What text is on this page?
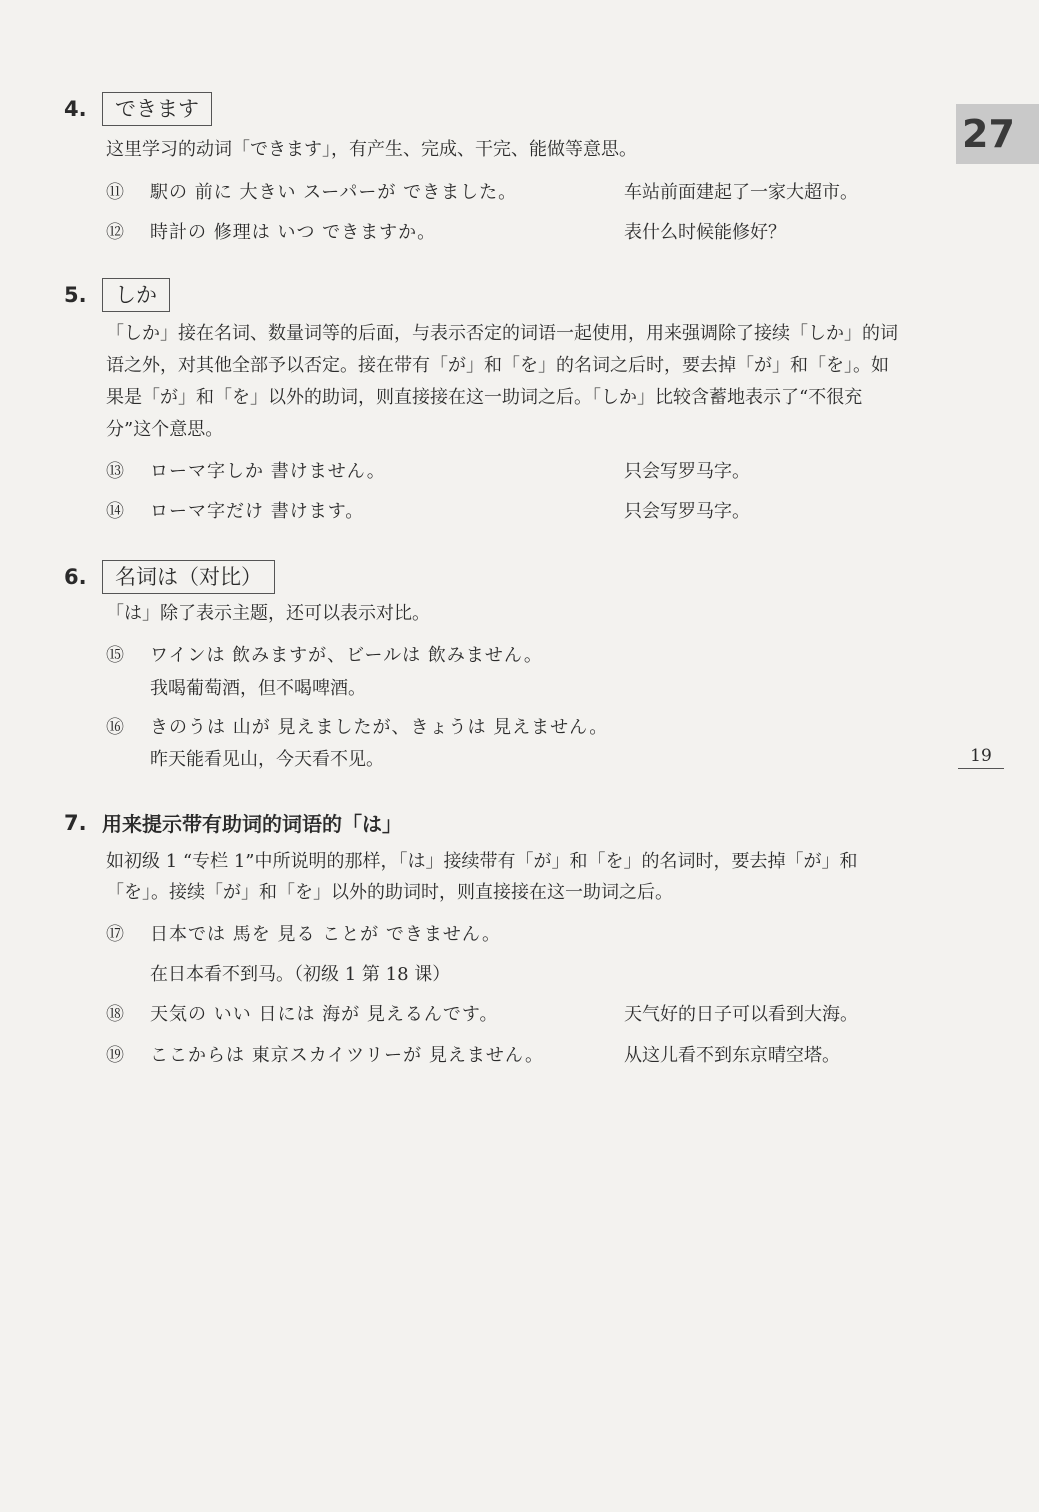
27
19
4.	できます

这里学习的动词「できます」，有产生、完成、干完、能做等意思。

⑪	駅の 前に 大きい スーパーが できました。	车站前面建起了一家大超市。
⑫	時計の 修理は いつ できますか。	表什么时候能修好？
5.	しか

「しか」接在名词、数量词等的后面，与表示否定的词语一起使用，用来强调除了接续「しか」的词语之外，对其他全部予以否定。接在带有「が」和「を」的名词之后时，要去掉「が」和「を」。如果是「が」和「を」以外的助词，则直接接在这一助词之后。「しか」比较含蓄地表示了“不很充分”这个意思。

⑬	ローマ字しか 書けません。	只会写罗马字。
⑭	ローマ字だけ 書けます。	只会写罗马字。
6.	名词は（对比）

「は」除了表示主题，还可以表示对比。

⑮	ワインは 飲みますが、ビールは 飲みません。
我喝葡萄酒，但不喝啤酒。
⑯	きのうは 山が 見えましたが、きょうは 見えません。
昨天能看见山，今天看不见。
7. 用来提示带有助词的词语的「は」

如初级 1 “专栏 1”中所说明的那样，「は」接续带有「が」和「を」的名词时，要去掉「が」和「を」。接续「が」和「を」以外的助词时，则直接接在这一助词之后。

⑰	日本では 馬を 見る ことが できません。
在日本看不到马。（初级 1 第 18 课）
⑱	天気の いい 日には 海が 見えるんです。	天气好的日子可以看到大海。
⑲	ここからは 東京スカイツリーが 見えません。	从这儿看不到东京晴空塔。
